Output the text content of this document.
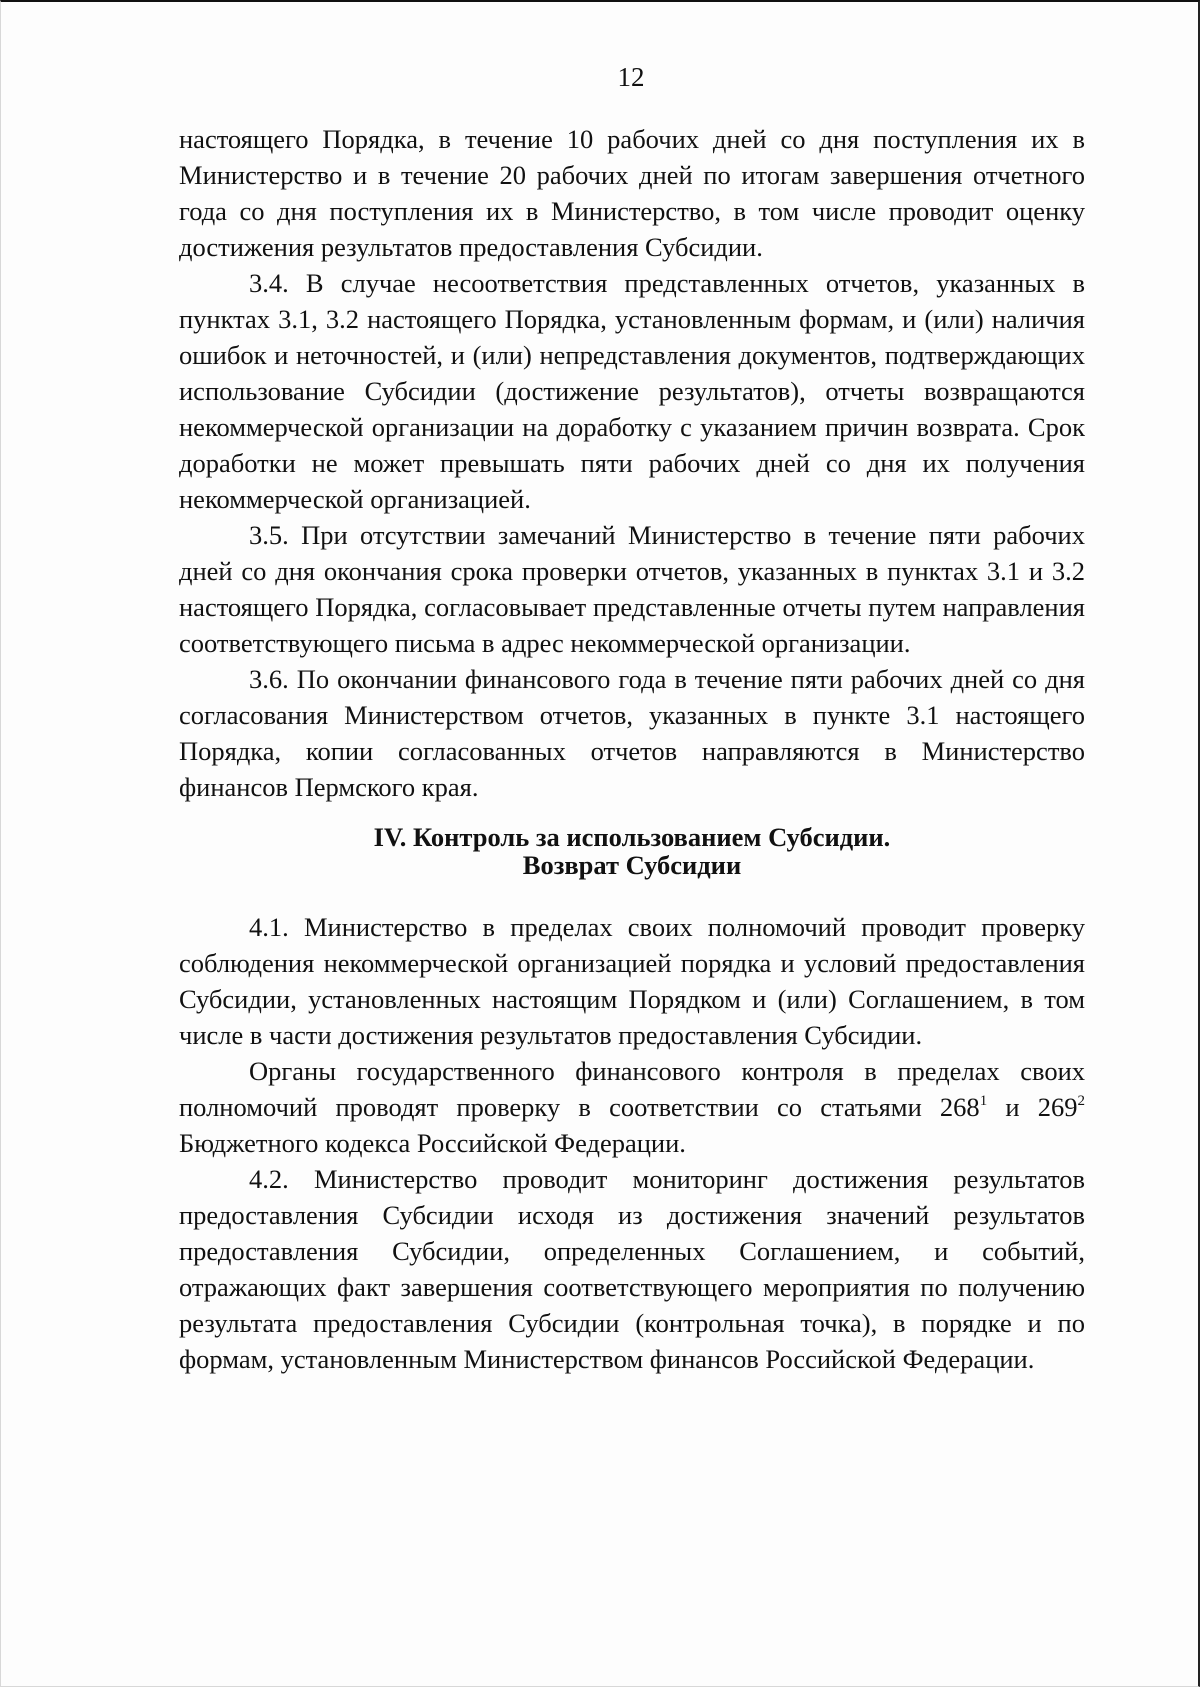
12

настоящего Порядка, в течение 10 рабочих дней со дня поступления их в Министерство и в течение 20 рабочих дней по итогам завершения отчетного года со дня поступления их в Министерство, в том числе проводит оценку достижения результатов предоставления Субсидии.

3.4. В случае несоответствия представленных отчетов, указанных в пунктах 3.1, 3.2 настоящего Порядка, установленным формам, и (или) наличия ошибок и неточностей, и (или) непредставления документов, подтверждающих использование Субсидии (достижение результатов), отчеты возвращаются некоммерческой организации на доработку с указанием причин возврата. Срок доработки не может превышать пяти рабочих дней со дня их получения некоммерческой организацией.

3.5. При отсутствии замечаний Министерство в течение пяти рабочих дней со дня окончания срока проверки отчетов, указанных в пунктах 3.1 и 3.2 настоящего Порядка, согласовывает представленные отчеты путем направления соответствующего письма в адрес некоммерческой организации.

3.6. По окончании финансового года в течение пяти рабочих дней со дня согласования Министерством отчетов, указанных в пункте 3.1 настоящего Порядка, копии согласованных отчетов направляются в Министерство финансов Пермского края.

IV. Контроль за использованием Субсидии.
Возврат Субсидии

4.1. Министерство в пределах своих полномочий проводит проверку соблюдения некоммерческой организацией порядка и условий предоставления Субсидии, установленных настоящим Порядком и (или) Соглашением, в том числе в части достижения результатов предоставления Субсидии.

Органы государственного финансового контроля в пределах своих полномочий проводят проверку в соответствии со статьями $268^1$ и $269^2$ Бюджетного кодекса Российской Федерации.

4.2. Министерство проводит мониторинг достижения результатов предоставления Субсидии исходя из достижения значений результатов предоставления Субсидии, определенных Соглашением, и событий, отражающих факт завершения соответствующего мероприятия по получению результата предоставления Субсидии (контрольная точка), в порядке и по формам, установленным Министерством финансов Российской Федерации.
